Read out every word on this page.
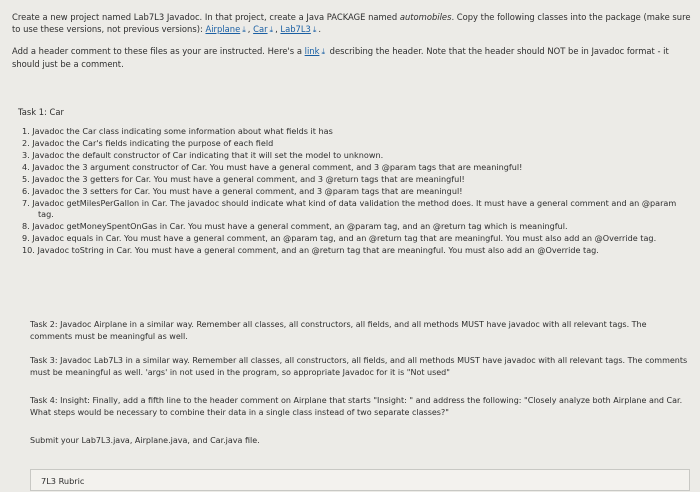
Create a new project named Lab7L3 Javadoc. In that project, create a Java PACKAGE named automobiles. Copy the following classes into the package (make sure to use these versions, not previous versions): Airplane ⤓ , Car ⤓ , Lab7L3 ⤓ .

Add a header comment to these files as your are instructed. Here's a link ⤓ describing the header. Note that the header should NOT be in Javadoc format - it should just be a comment.

Task 1: Car
1. Javadoc the Car class indicating some information about what fields it has
2. Javadoc the Car's fields indicating the purpose of each field
3. Javadoc the default constructor of Car indicating that it will set the model to unknown.
4. Javadoc the 3 argument constructor of Car. You must have a general comment, and 3 @param tags that are meaningful!
5. Javadoc the 3 getters for Car. You must have a general comment, and 3 @return tags that are meaningful!
6. Javadoc the 3 setters for Car. You must have a general comment, and 3 @param tags that are meaningul!
7. Javadoc getMilesPerGallon in Car. The javadoc should indicate what kind of data validation the method does. It must have a general comment and an @param tag.
8. Javadoc getMoneySpentOnGas in Car. You must have a general comment, an @param tag, and an @return tag which is meaningful.
9. Javadoc equals in Car. You must have a general comment, an @param tag, and an @return tag that are meaningful. You must also add an @Override tag.
10. Javadoc toString in Car. You must have a general comment, and an @return tag that are meaningful. You must also add an @Override tag.

Task 2: Javadoc Airplane in a similar way. Remember all classes, all constructors, all fields, and all methods MUST have javadoc with all relevant tags. The comments must be meaningful as well.

Task 3: Javadoc Lab7L3 in a similar way. Remember all classes, all constructors, all fields, and all methods MUST have javadoc with all relevant tags. The comments must be meaningful as well. 'args' in not used in the program, so appropriate Javadoc for it is "Not used"

Task 4: Insight: Finally, add a fifth line to the header comment on Airplane that starts "Insight: " and address the following: "Closely analyze both Airplane and Car. What steps would be necessary to combine their data in a single class instead of two separate classes?"

Submit your Lab7L3.java, Airplane.java, and Car.java file.

7L3 Rubric
